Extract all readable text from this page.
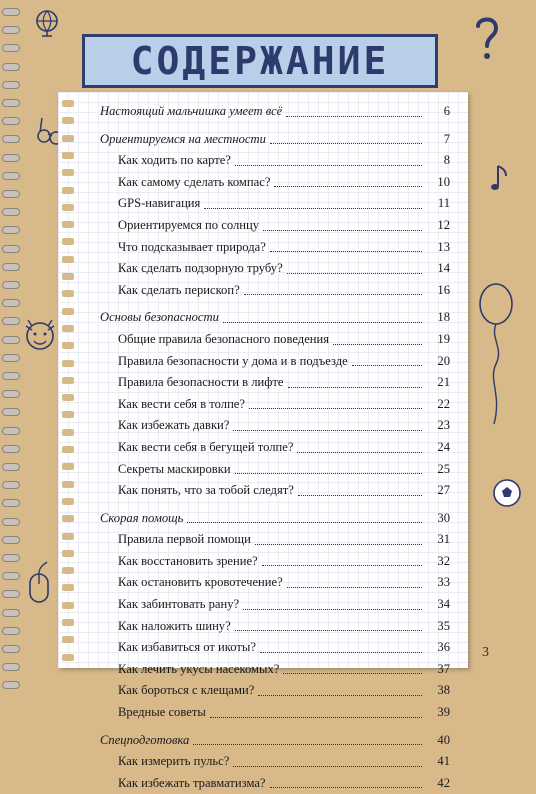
СОДЕРЖАНИЕ
Настоящий мальчишка умеет всё	6
Ориентируемся на местности	7
Как ходить по карте?	8
Как самому сделать компас?	10
GPS-навигация	11
Ориентируемся по солнцу	12
Что подсказывает природа?	13
Как сделать подзорную трубу?	14
Как сделать перископ?	16
Основы безопасности	18
Общие правила безопасного поведения	19
Правила безопасности у дома и в подъезде	20
Правила безопасности в лифте	21
Как вести себя в толпе?	22
Как избежать давки?	23
Как вести себя в бегущей толпе?	24
Секреты маскировки	25
Как понять, что за тобой следят?	27
Скорая помощь	30
Правила первой помощи	31
Как восстановить зрение?	32
Как остановить кровотечение?	33
Как забинтовать рану?	34
Как наложить шину?	35
Как избавиться от икоты?	36
Как лечить укусы насекомых?	37
Как бороться с клещами?	38
Вредные советы	39
Спецподготовка	40
Как измерить пульс?	41
Как избежать травматизма?	42
3
